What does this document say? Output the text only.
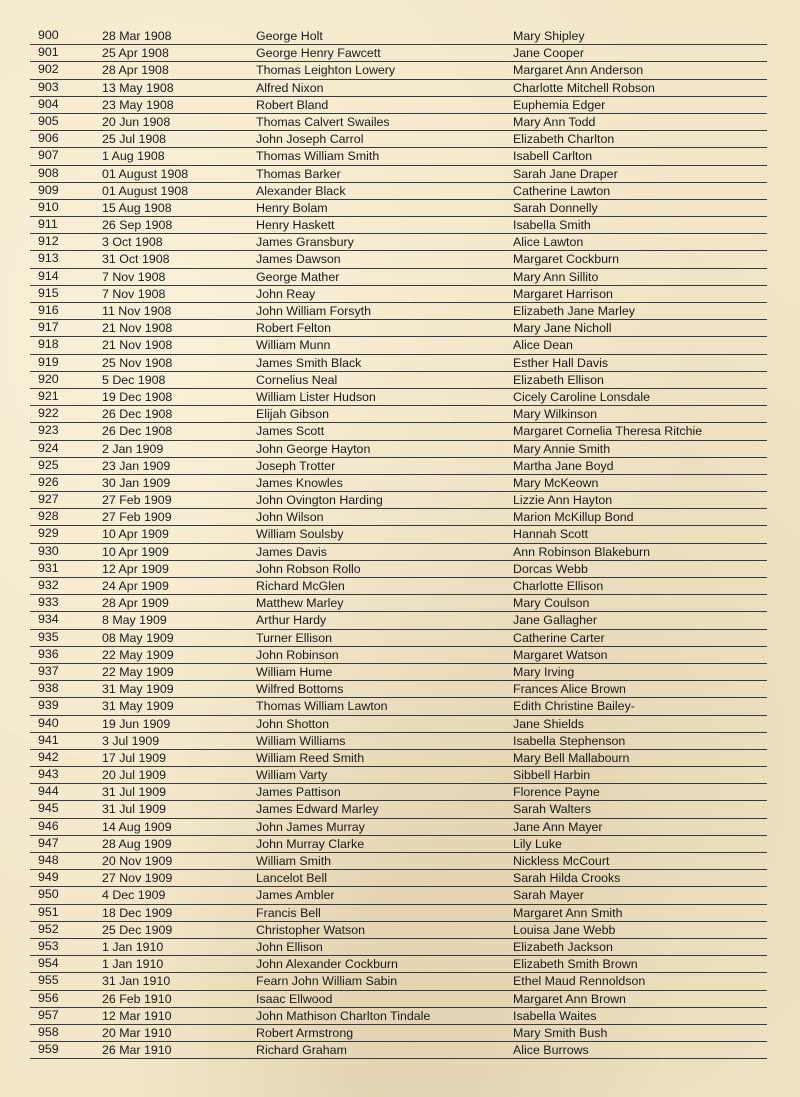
900	28 Mar 1908	George Holt	Mary Shipley
901	25 Apr 1908	George Henry Fawcett	Jane Cooper
902	28 Apr 1908	Thomas Leighton Lowery	Margaret Ann Anderson
903	13 May 1908	Alfred Nixon	Charlotte Mitchell Robson
904	23 May 1908	Robert Bland	Euphemia Edger
905	20 Jun 1908	Thomas Calvert Swailes	Mary Ann Todd
906	25 Jul 1908	John Joseph Carrol	Elizabeth Charlton
907	1 Aug 1908	Thomas William Smith	Isabell Carlton
908	01 August 1908	Thomas Barker	Sarah Jane Draper
909	01 August 1908	Alexander Black	Catherine Lawton
910	15 Aug 1908	Henry Bolam	Sarah Donnelly
911	26 Sep 1908	Henry Haskett	Isabella Smith
912	3 Oct 1908	James Gransbury	Alice Lawton
913	31 Oct 1908	James Dawson	Margaret Cockburn
914	7 Nov 1908	George Mather	Mary Ann Sillito
915	7 Nov 1908	John Reay	Margaret Harrison
916	11 Nov 1908	John William Forsyth	Elizabeth Jane Marley
917	21 Nov 1908	Robert Felton	Mary Jane Nicholl
918	21 Nov 1908	William Munn	Alice Dean
919	25 Nov 1908	James Smith Black	Esther Hall Davis
920	5 Dec 1908	Cornelius Neal	Elizabeth Ellison
921	19 Dec 1908	William Lister Hudson	Cicely Caroline Lonsdale
922	26 Dec 1908	Elijah Gibson	Mary Wilkinson
923	26 Dec 1908	James Scott	Margaret Cornelia Theresa Ritchie
924	2 Jan 1909	John George Hayton	Mary Annie Smith
925	23 Jan 1909	Joseph Trotter	Martha Jane Boyd
926	30 Jan 1909	James Knowles	Mary McKeown
927	27 Feb 1909	John Ovington Harding	Lizzie Ann Hayton
928	27 Feb 1909	John Wilson	Marion McKillup Bond
929	10 Apr 1909	William Soulsby	Hannah Scott
930	10 Apr 1909	James Davis	Ann Robinson Blakeburn
931	12 Apr 1909	John Robson Rollo	Dorcas Webb
932	24 Apr 1909	Richard McGlen	Charlotte Ellison
933	28 Apr 1909	Matthew Marley	Mary Coulson
934	8 May 1909	Arthur Hardy	Jane Gallagher
935	08 May 1909	Turner Ellison	Catherine Carter
936	22 May 1909	John Robinson	Margaret Watson
937	22 May 1909	William Hume	Mary Irving
938	31 May 1909	Wilfred Bottoms	Frances Alice Brown
939	31 May 1909	Thomas William Lawton	Edith Christine Bailey-
940	19 Jun 1909	John Shotton	Jane Shields
941	3 Jul 1909	William Williams	Isabella Stephenson
942	17 Jul 1909	William Reed Smith	Mary Bell Mallabourn
943	20 Jul 1909	William Varty	Sibbell Harbin
944	31 Jul 1909	James Pattison	Florence Payne
945	31 Jul 1909	James Edward Marley	Sarah Walters
946	14 Aug 1909	John James Murray	Jane Ann Mayer
947	28 Aug 1909	John Murray Clarke	Lily Luke
948	20 Nov 1909	William Smith	Nickless McCourt
949	27 Nov 1909	Lancelot Bell	Sarah Hilda Crooks
950	4 Dec 1909	James Ambler	Sarah Mayer
951	18 Dec 1909	Francis Bell	Margaret Ann Smith
952	25 Dec 1909	Christopher Watson	Louisa Jane Webb
953	1 Jan 1910	John Ellison	Elizabeth Jackson
954	1 Jan 1910	John Alexander Cockburn	Elizabeth Smith Brown
955	31 Jan 1910	Fearn John William Sabin	Ethel Maud Rennoldson
956	26 Feb 1910	Isaac Ellwood	Margaret Ann Brown
957	12 Mar 1910	John Mathison Charlton Tindale	Isabella Waites
958	20 Mar 1910	Robert Armstrong	Mary Smith Bush
959	26 Mar 1910	Richard Graham	Alice Burrows
